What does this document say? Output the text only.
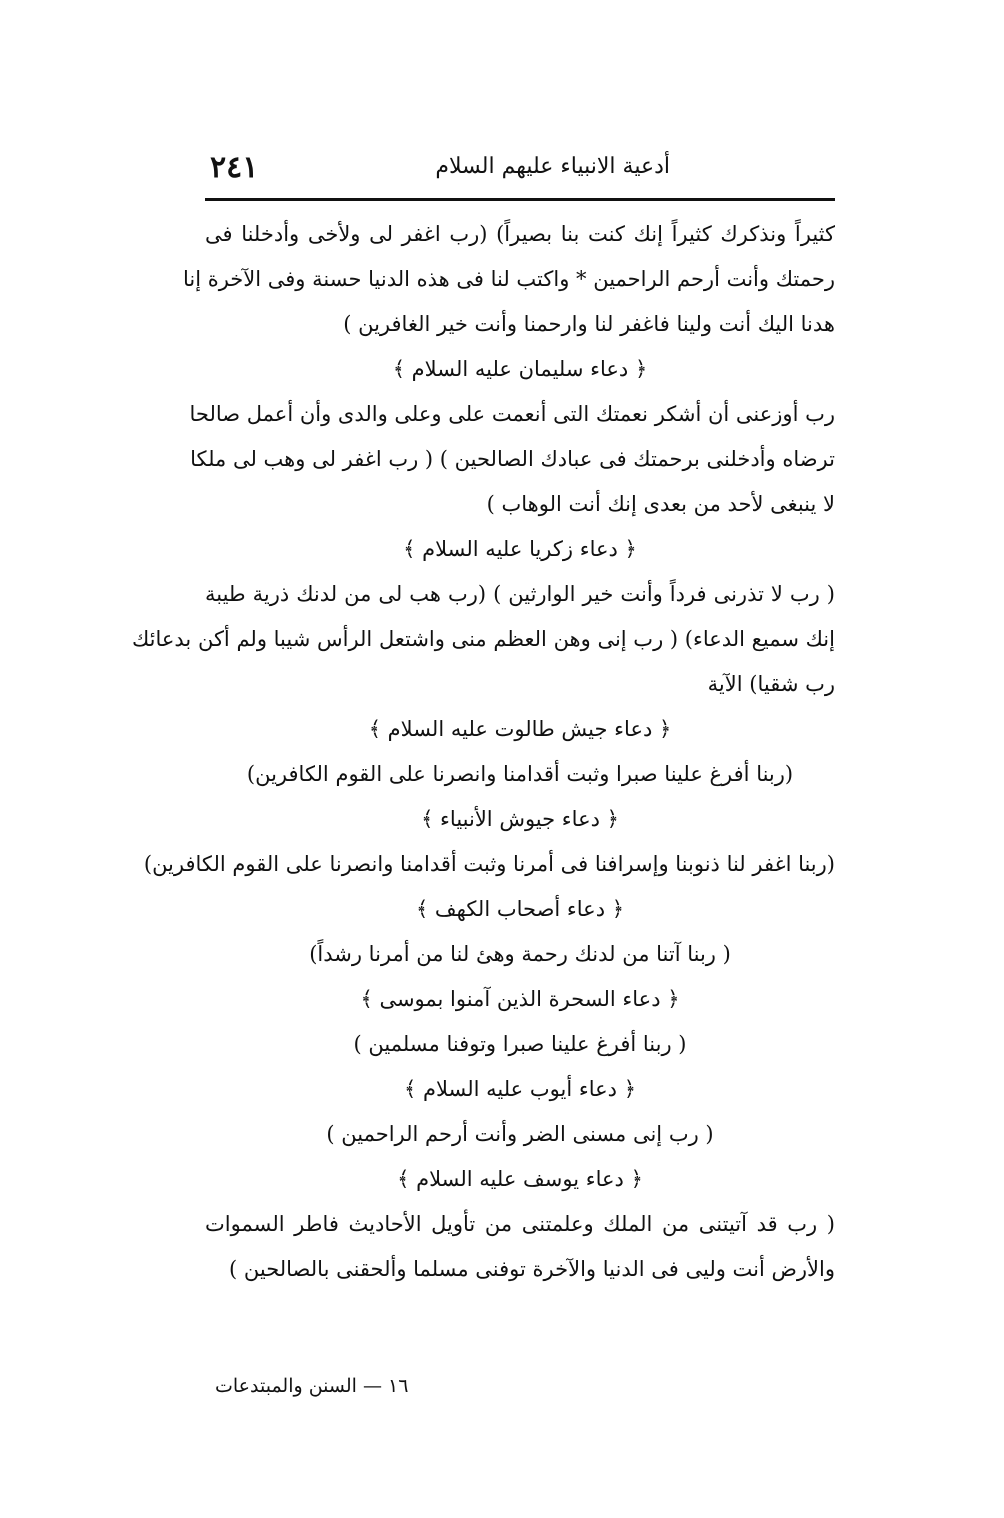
٢٤١	أدعية الانبياء عليهم السلام
كثيراً ونذكرك كثيراً إنك كنت بنا بصيراً) (رب اغفر لى ولأخى وأدخلنا فى
رحمتك وأنت أرحم الراحمين * واكتب لنا فى هذه الدنيا حسنة وفى الآخرة إنا
هدنا اليك أنت ولينا فاغفر لنا وارحمنا وأنت خير الغافرين )
﴿ دعاء سليمان عليه السلام ﴾
رب أوزعنى أن أشكر نعمتك التى أنعمت على وعلى والدى وأن أعمل صالحا
ترضاه وأدخلنى برحمتك فى عبادك الصالحين ) ( رب اغفر لى وهب لى ملكا
لا ينبغى لأحد من بعدى إنك أنت الوهاب )
﴿ دعاء زكريا عليه السلام ﴾
( رب لا تذرنى فرداً وأنت خير الوارثين ) (رب هب لى من لدنك ذرية طيبة
إنك سميع الدعاء) ( رب إنى وهن العظم منى واشتعل الرأس شيبا ولم أكن بدعائك
رب شقيا) الآية
﴿ دعاء جيش طالوت عليه السلام ﴾
(ربنا أفرغ علينا صبرا وثبت أقدامنا وانصرنا على القوم الكافرين)
﴿ دعاء جيوش الأنبياء ﴾
(ربنا اغفر لنا ذنوبنا وإسرافنا فى أمرنا وثبت أقدامنا وانصرنا على القوم الكافرين)
﴿ دعاء أصحاب الكهف ﴾
( ربنا آتنا من لدنك رحمة وهئ لنا من أمرنا رشداً)
﴿ دعاء السحرة الذين آمنوا بموسى ﴾
( ربنا أفرغ علينا صبرا وتوفنا مسلمين )
﴿ دعاء أيوب عليه السلام ﴾
( رب إنى مسنى الضر وأنت أرحم الراحمين )
﴿ دعاء يوسف عليه السلام ﴾
( رب قد آتيتنى من الملك وعلمتنى من تأويل الأحاديث فاطر السموات
والأرض أنت وليى فى الدنيا والآخرة توفنى مسلما وألحقنى بالصالحين )
١٦ — السنن والمبتدعات
